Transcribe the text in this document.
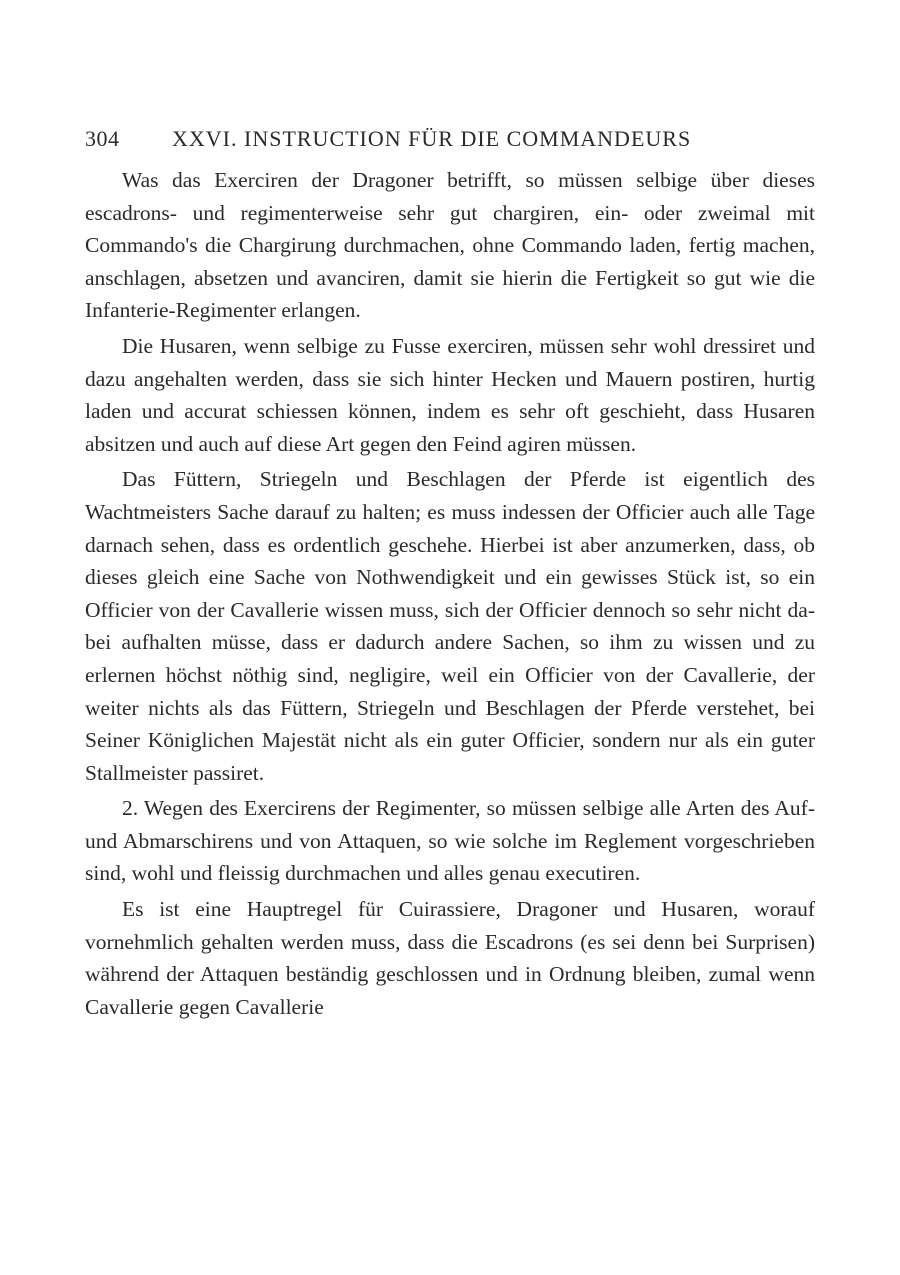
304 XXVI. INSTRUCTION FÜR DIE COMMANDEURS

Was das Exerciren der Dragoner betrifft, so müssen selbige über dieses escadrons- und regimenterweise sehr gut chargiren, ein- oder zweimal mit Commando's die Chargirung durchmachen, ohne Commando laden, fertig machen, anschlagen, absetzen und avanciren, damit sie hierin die Fertigkeit so gut wie die Infanterie-Regimenter erlangen.

Die Husaren, wenn selbige zu Fusse exerciren, müssen sehr wohl dressiret und dazu angehalten werden, dass sie sich hinter Hecken und Mauern postiren, hurtig laden und accurat schiessen können, indem es sehr oft geschieht, dass Husaren absitzen und auch auf diese Art gegen den Feind agiren müssen.

Das Füttern, Striegeln und Beschlagen der Pferde ist eigentlich des Wachtmeisters Sache darauf zu halten; es muss indessen der Officier auch alle Tage darnach sehen, dass es ordentlich geschehe. Hierbei ist aber anzumerken, dass, ob dieses gleich eine Sache von Nothwendigkeit und ein gewisses Stück ist, so ein Officier von der Cavallerie wissen muss, sich der Officier dennoch so sehr nicht dabei aufhalten müsse, dass er dadurch andere Sachen, so ihm zu wissen und zu erlernen höchst nöthig sind, negligire, weil ein Officier von der Cavallerie, der weiter nichts als das Füttern, Striegeln und Beschlagen der Pferde verstehet, bei Seiner Königlichen Majestät nicht als ein guter Officier, sondern nur als ein guter Stallmeister passiret.

2. Wegen des Exercirens der Regimenter, so müssen selbige alle Arten des Auf- und Abmarschirens und von Attaquen, so wie solche im Reglement vorgeschrieben sind, wohl und fleissig durchmachen und alles genau executiren.

Es ist eine Hauptregel für Cuirassiere, Dragoner und Husaren, worauf vornehmlich gehalten werden muss, dass die Escadrons (es sei denn bei Surprisen) während der Attaquen beständig geschlossen und in Ordnung bleiben, zumal wenn Cavallerie gegen Cavallerie
